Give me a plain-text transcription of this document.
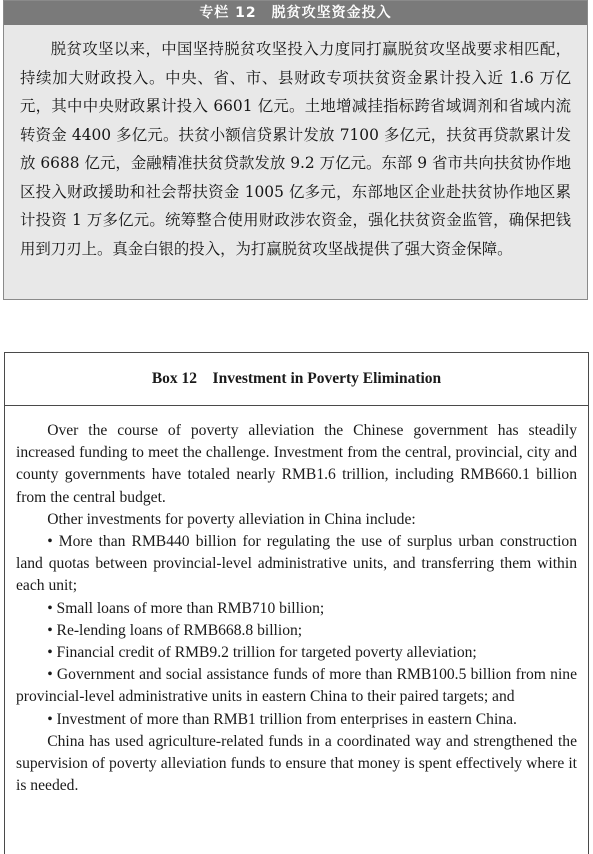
专栏 12　脱贫攻坚资金投入
脱贫攻坚以来，中国坚持脱贫攻坚投入力度同打赢脱贫攻坚战要求相匹配，持续加大财政投入。中央、省、市、县财政专项扶贫资金累计投入近 1.6 万亿元，其中中央财政累计投入 6601 亿元。土地增减挂指标跨省域调剂和省域内流转资金 4400 多亿元。扶贫小额信贷累计发放 7100 多亿元，扶贫再贷款累计发放 6688 亿元，金融精准扶贫贷款发放 9.2 万亿元。东部 9 省市共向扶贫协作地区投入财政援助和社会帮扶资金 1005 亿多元，东部地区企业赴扶贫协作地区累计投资 1 万多亿元。统筹整合使用财政涉农资金，强化扶贫资金监管，确保把钱用到刀刃上。真金白银的投入，为打赢脱贫攻坚战提供了强大资金保障。
Box 12　Investment in Poverty Elimination

Over the course of poverty alleviation the Chinese government has steadily increased funding to meet the challenge. Investment from the central, provincial, city and county governments have totaled nearly RMB1.6 trillion, including RMB660.1 billion from the central budget.

Other investments for poverty alleviation in China include:

• More than RMB440 billion for regulating the use of surplus urban construction land quotas between provincial-level administrative units, and transferring them within each unit;

• Small loans of more than RMB710 billion;

• Re-lending loans of RMB668.8 billion;

• Financial credit of RMB9.2 trillion for targeted poverty alleviation;

• Government and social assistance funds of more than RMB100.5 billion from nine provincial-level administrative units in eastern China to their paired targets; and

• Investment of more than RMB1 trillion from enterprises in eastern China.

China has used agriculture-related funds in a coordinated way and strengthened the supervision of poverty alleviation funds to ensure that money is spent effectively where it is needed.
